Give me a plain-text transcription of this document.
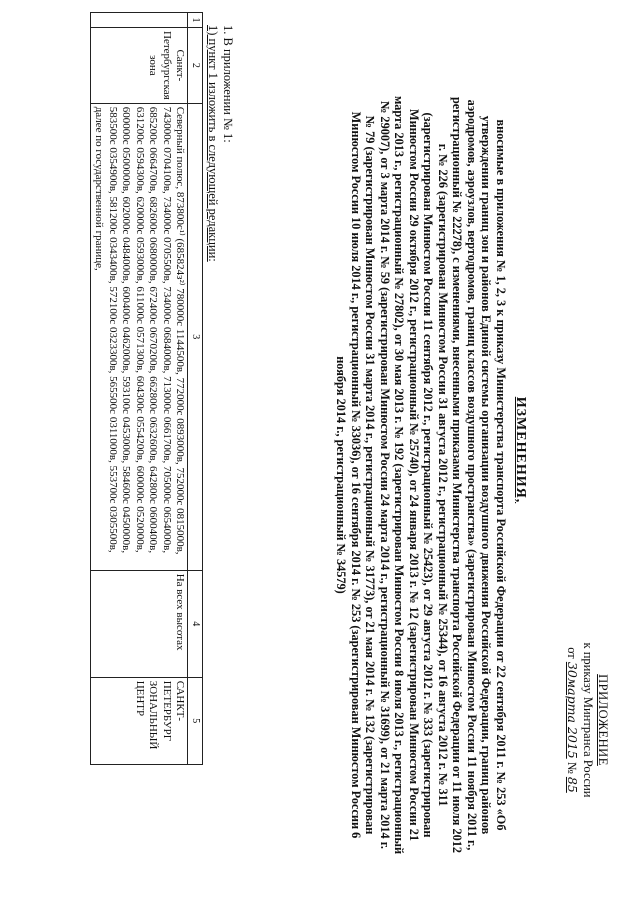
ПРИЛОЖЕНИЕ
к приказу Минтранса России
от 30марта 2015 № 85
ИЗМЕНЕНИЯ,
вносимые в приложения № 1, 2, 3 к приказу Министерства транспорта Российской Федерации от 22 сентября 2011 г. № 253 «Об утверждении границ зон и районов Единой системы организации воздушного движения Российской Федерации, границ районов аэродромов, аэроузлов, вертодромов, границ классов воздушного пространства» (зарегистрирован Минюстом России 11 ноября 2011 г., регистрационный № 22278), с изменениями, внесенными приказами Министерства транспорта Российской Федерации от 11 июля 2012 г. № 226 (зарегистрирован Минюстом России 31 августа 2012 г., регистрационный № 25344), от 16 августа 2012 г. № 311 (зарегистрирован Минюстом России 11 сентября 2012 г., регистрационный № 25423), от 29 августа 2012 г. № 333 (зарегистрирован Минюстом России 29 октября 2012 г., регистрационный № 25740), от 24 января 2013 г. № 12 (зарегистрирован Минюстом России 21 марта 2013 г., регистрационный № 27802), от 30 мая 2013 г. № 192 (зарегистрирован Минюстом России 8 июля 2013 г., регистрационный № 29007), от 3 марта 2014 г. № 59 (зарегистрирован Минюстом России 24 марта 2014 г., регистрационный № 31699), от 21 марта 2014 г. № 79 (зарегистрирован Минюстом России 31 марта 2014 г., регистрационный № 31773), от 21 мая 2014 г. № 132 (зарегистрирован Минюстом России 10 июля 2014 г., регистрационный № 33036), от 16 сентября 2014 г. № 253 (зарегистрирован Минюстом России 6 ноября 2014 г., регистрационный № 34579)
1. В приложении № 1:
1) пункт 1 изложить в следующей редакции:
1	2	3	4	5
	Санкт-Петербургская зона	Северный полюс, 873800с¹⁾ (685824з²⁾ 780000с 1144500в, 772000с 0893000в, 752000с 0815000в, 743000с 0704100в, 734000с 0705500в, 734000с 0684000в, 713000с 0661700в, 705000с 0654000в, 685200с 0664700в, 682600с 0680000в, 672400с 0670200в, 662800с 0632600в, 642800с 0600400в, 631200с 0594300в, 620000с 0593000в, 611000с 0571300в, 604300с 0554200в, 600000с 0520000в, 600000с 0500000в, 602000с 0484000в, 600400с 0462000в, 593100с 0453000в, 584600с 0450000в, 583500с 0354900в, 581200с 0343400в, 572100с 0323300в, 565500с 0311000в, 553700с 0305500в, далее по государственной границе,	На всех высотах	САНКТ-ПЕТЕРБУРГ ЗОНАЛЬНЫЙ ЦЕНТР
